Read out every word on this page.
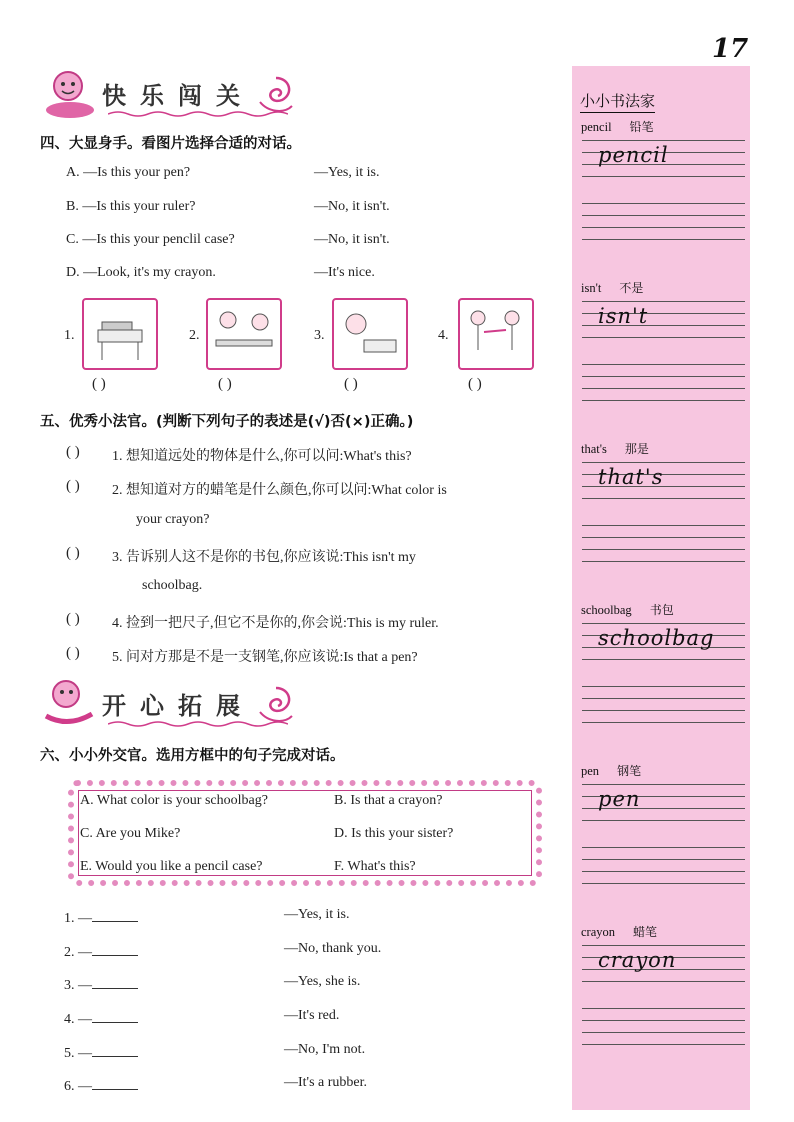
17
快乐闯关
四、大显身手。看图片选择合适的对话。
A. —Is this your pen?	—Yes, it is.
B. —Is this your ruler?	—No, it isn't.
C. —Is this your penclil case?	—No, it isn't.
D. —Look, it's my crayon.	—It's nice.
1.	2.	3.	4.
( )	( )	( )	( )
五、优秀小法官。(判断下列句子的表述是(√)否(×)正确。)
( ) 1. 想知道远处的物体是什么,你可以问:What's this?
( ) 2. 想知道对方的蜡笔是什么颜色,你可以问:What color is
your crayon?
( ) 3. 告诉别人这不是你的书包,你应该说:This isn't my
schoolbag.
( ) 4. 捡到一把尺子,但它不是你的,你会说:This is my ruler.
( ) 5. 问对方那是不是一支钢笔,你应该说:Is that a pen?
开心拓展
六、小小外交官。选用方框中的句子完成对话。
A. What color is your schoolbag?	B. Is that a crayon?
C. Are you Mike?	D. Is this your sister?
E. Would you like a pencil case?	F. What's this?
1. —	—Yes, it is.
2. —	—No, thank you.
3. —	—Yes, she is.
4. —	—It's red.
5. —	—No, I'm not.
6. —	—It's a rubber.
小小书法家
pencil 铅笔
pencil
isn't 不是
isn't
that's 那是
that's
schoolbag 书包
schoolbag
pen 钢笔
pen
crayon 蜡笔
crayon
